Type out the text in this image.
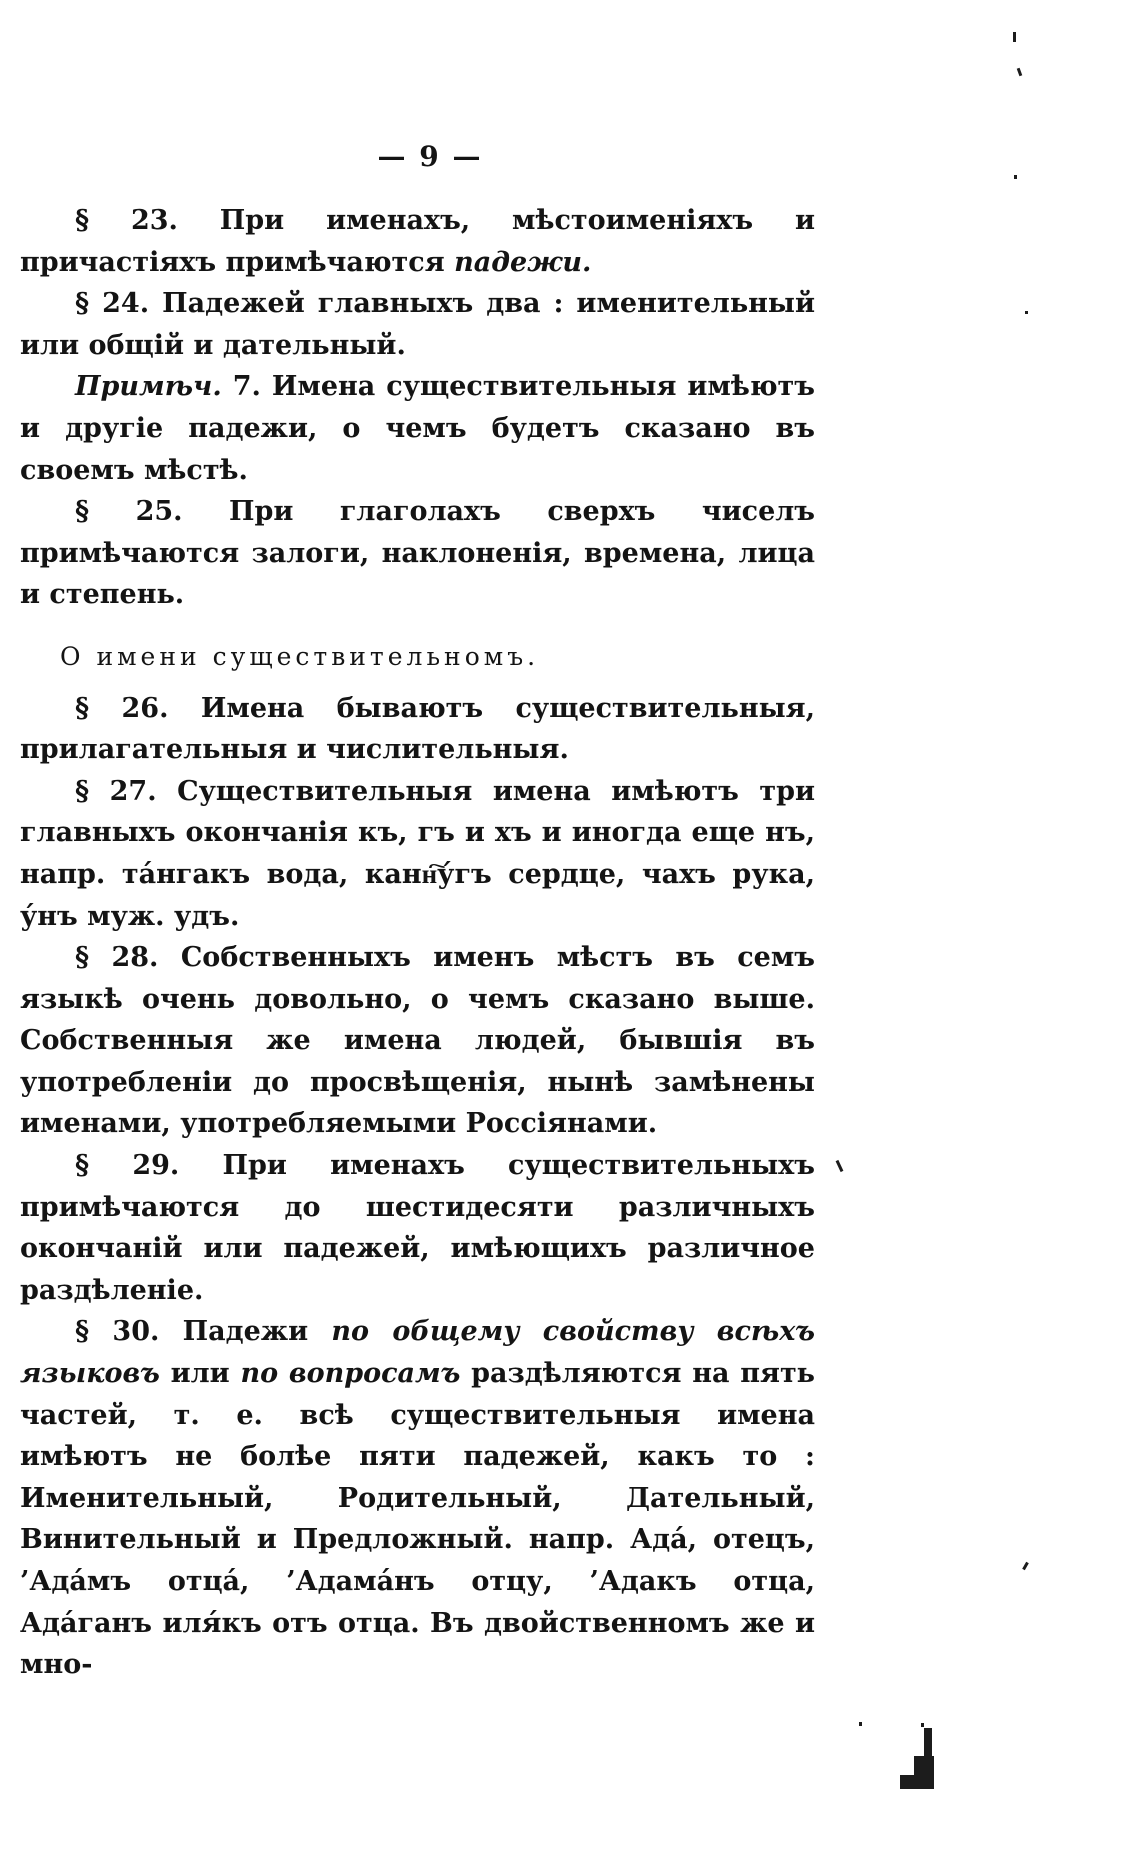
— 9 —

§ 23. При именахъ, мѣстоименіяхъ и причастіяхъ примѣчаются падежи.

§ 24. Падежей главныхъ два : именительный или общій и дательный.

Примѣч. 7. Имена существительныя имѣютъ и другіе падежи, о чемъ будетъ сказано въ своемъ мѣстѣ.

§ 25. При глаголахъ сверхъ чиселъ примѣчаются залоги, наклоненія, времена, лица и степень.

О имени существительномъ.

§ 26. Имена бываютъ существительныя, прилагательныя и числительныя.

§ 27. Существительныя имена имѣютъ три главныхъ окончанія къ, гъ и хъ и иногда еще нъ, напр. та́нгакъ вода, канн҇у́гъ сердце, чахъ рука, у́нъ муж. удъ.

§ 28. Собственныхъ именъ мѣстъ въ семъ языкѣ очень довольно, о чемъ сказано выше. Собственныя же имена людей, бывшія въ употребленіи до просвѣщенія, нынѣ замѣнены именами, употребляемыми Россіянами.

§ 29. При именахъ существительныхъ примѣчаются до шестидесяти различныхъ окончаній или падежей, имѣющихъ различное раздѣленіе.

§ 30. Падежи по общему свойству всѣхъ языковъ или по вопросамъ раздѣляются на пять частей, т. е. всѣ существительныя имена имѣютъ не болѣе пяти падежей, какъ то : Именительный, Родительный, Дательный, Винительный и Предложный. напр. Ада́, отецъ, ’Ада́мъ отца́, ’Адама́нъ отцу, ’Адакъ отца, Ада́ганъ иля́къ отъ отца. Въ двойственномъ же и мно-
